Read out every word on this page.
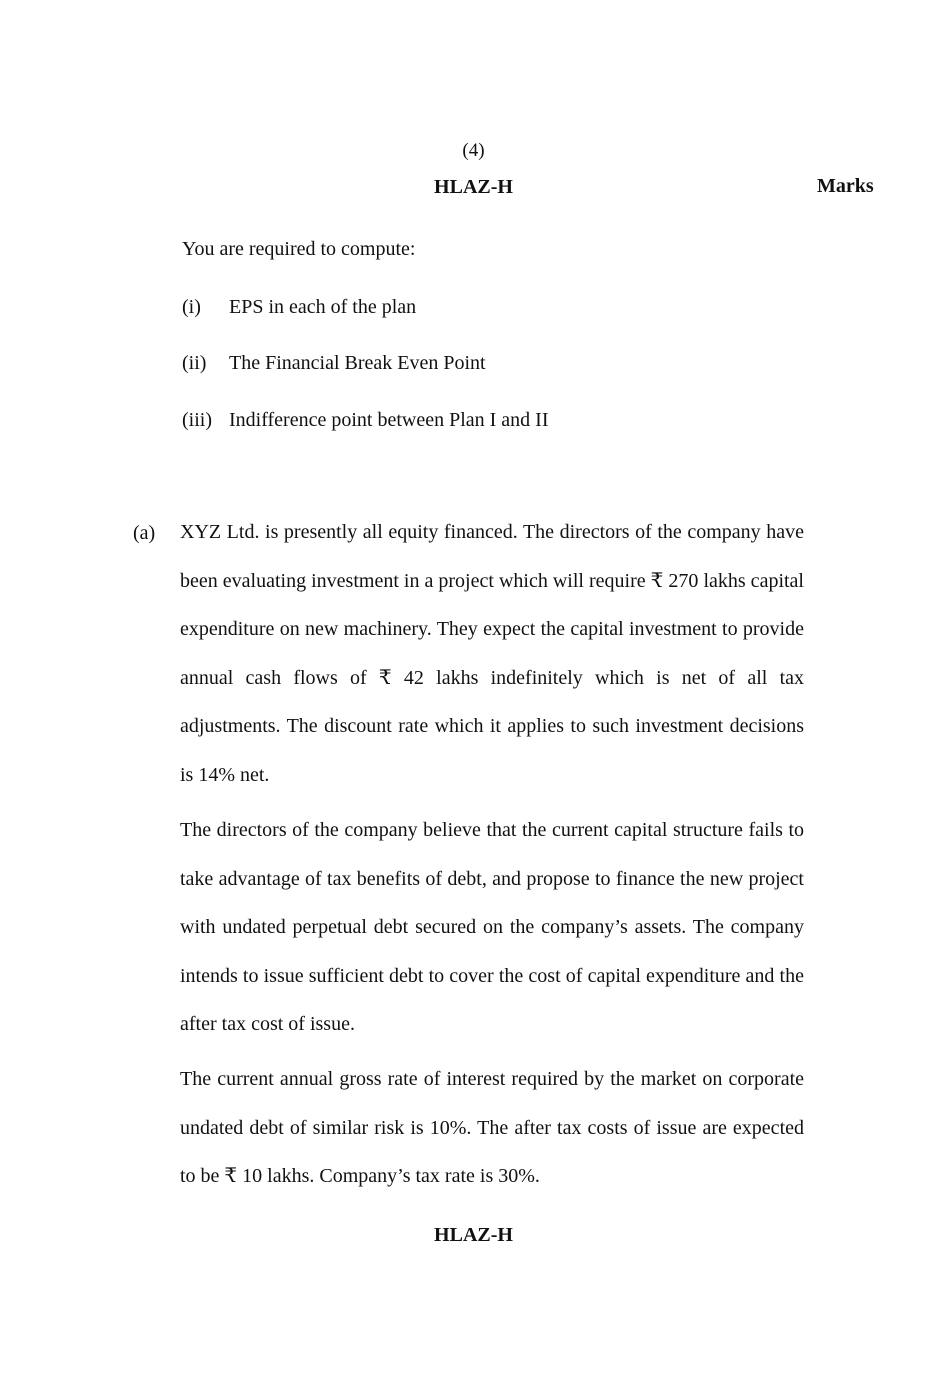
(4)
HLAZ-H	Marks
You are required to compute:
(i) EPS in each of the plan
(ii) The Financial Break Even Point
(iii) Indifference point between Plan I and II
(a) XYZ Ltd. is presently all equity financed. The directors of the company have been evaluating investment in a project which will require ₹ 270 lakhs capital expenditure on new machinery. They expect the capital investment to provide annual cash flows of ₹ 42 lakhs indefinitely which is net of all tax adjustments. The discount rate which it applies to such investment decisions is 14% net.
The directors of the company believe that the current capital structure fails to take advantage of tax benefits of debt, and propose to finance the new project with undated perpetual debt secured on the company’s assets. The company intends to issue sufficient debt to cover the cost of capital expenditure and the after tax cost of issue.
The current annual gross rate of interest required by the market on corporate undated debt of similar risk is 10%. The after tax costs of issue are expected to be ₹ 10 lakhs. Company’s tax rate is 30%.
HLAZ-H
